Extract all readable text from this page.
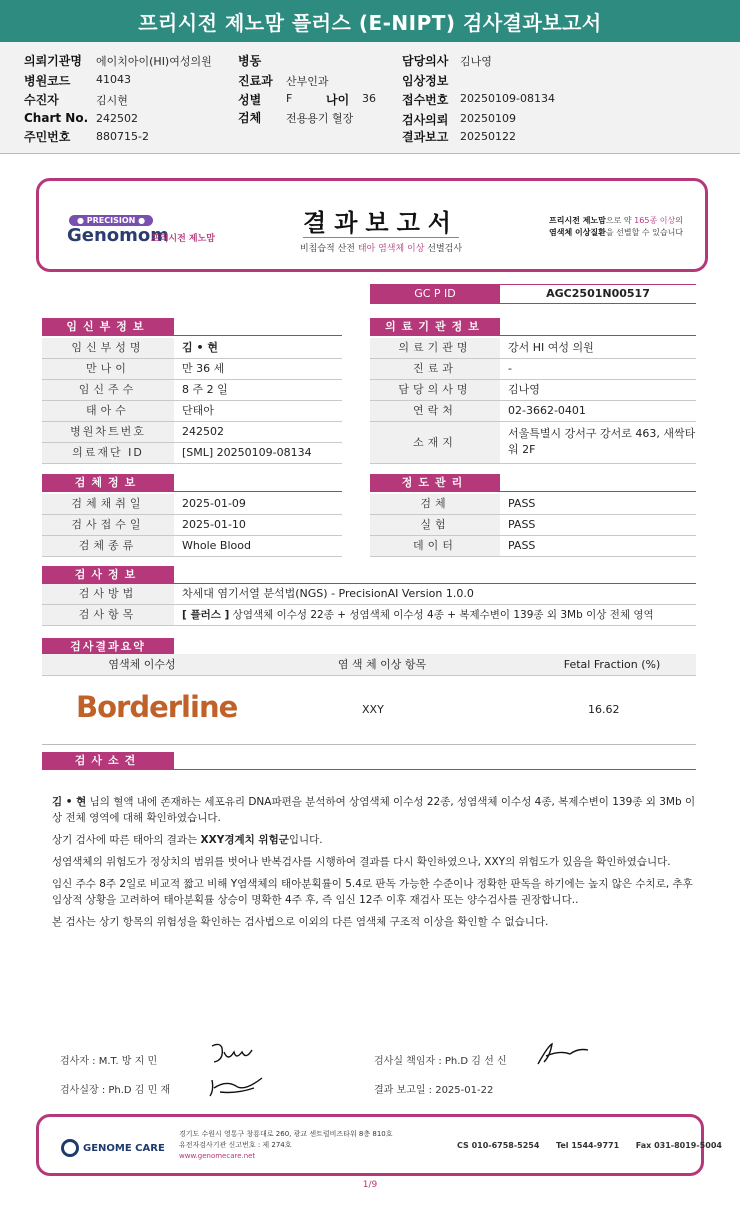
프리시전 제노맘 플러스 (E-NIPT) 검사결과보고서
의뢰기관명 에이치아이(HI)여성의원
병원코드 41043
수진자	김시현
Chart No. 242502
주민번호 880715-2
병동
진료과 산부인과
성별 F	나이 36
검체 전용용기 혈장
담당의사 김나영
임상정보
접수번호 20250109-08134
검사의뢰 20250109
결과보고 20250122
● PRECISION ●
Genomom
프리시전 제노맘
결과보고서
비침습적 산전 태아 염색체 이상 선별검사
프리시전 제노맘으로 약 165종 이상의
염색체 이상질환을 선별할 수 있습니다
GC P ID	AGC2501N00517
임신부정보	의료기관정보
임신부성명	김 • 현
만나이	만 36 세
임신주수	8 주 2 일
태아수	단태아
병원차트번호	242502
의료재단 ID	[SML] 20250109-08134
의료기관명	강서 HI 여성 의원
진료과	-
담당의사명	김나영
연락처	02-3662-0401
소재지
서울특별시 강서구 강서로 463, 새싹타
워 2F
검체정보	정도관리
검체채취일	2025-01-09
검사접수일	2025-01-10
검체종류	Whole Blood
검체	PASS
실험	PASS
데이터	PASS
검사정보
검사방법	차세대 염기서열 분석법(NGS) - PrecisionAI Version 1.0.0
검사항목	[ 플러스 ] 상염색체 이수성 22종 + 성염색체 이수성 4종 + 복제수변이 139종 외 3Mb 이상 전체 영역
검사결과요약
염색체 이수성	염 색 체 이상 항목	Fetal Fraction (%)
Borderline	XXY	16.62
검사소견

김 • 현 님의 혈액 내에 존재하는 세포유리 DNA파편을 분석하여 상염색체 이수성 22종, 성염색체 이수성 4종, 복제수변이 139종 외 3Mb 이상 전체 영역에 대해 확인하였습니다.

상기 검사에 따른 태아의 결과는 XXY경계치 위험군입니다.

성염색체의 위험도가 정상치의 범위를 벗어나 반복검사를 시행하여 결과를 다시 확인하였으나, XXY의 위험도가 있음을 확인하였습니다.

임신 주수 8주 2일로 비교적 짧고 비해 Y염색체의 태아분획률이 5.4로 판독 가능한 수준이나 정확한 판독을 하기에는 높지 않은 수치로, 추후 임상적 상황을 고려하여 태아분획률 상승이 명확한 4주 후, 즉 임신 12주 이후 재검사 또는 양수검사를 권장합니다..

본 검사는 상기 항목의 위험성을 확인하는 검사법으로 이외의 다른 염색체 구조적 이상을 확인할 수 없습니다.

검사자 : M.T. 방 지 민	검사실 책임자 : Ph.D 김 선 신
검사실장 : Ph.D 김 민 재	결과 보고일 : 2025-01-22
GENOME CARE
경기도 수원시 영통구 창룡대로 260, 광교 센트럴비즈타워 8층 810호
유전자검사기관 신고번호 : 제 274호
www.genomecare.net
CS 010-6758-5254 Tel 1544-9771 Fax 031-8019-5004
1/9
